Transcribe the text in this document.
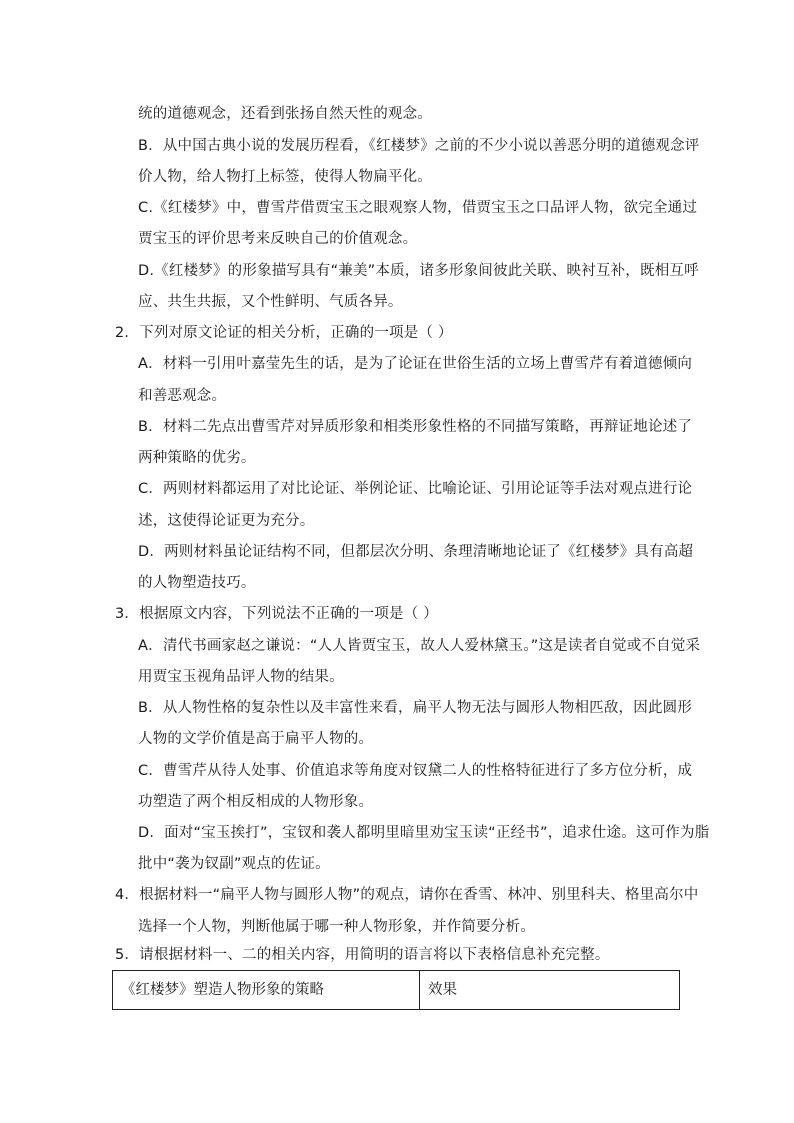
统的道德观念，还看到张扬自然天性的观念。
B．从中国古典小说的发展历程看，《红楼梦》之前的不少小说以善恶分明的道德观念评
价人物，给人物打上标签，使得人物扁平化。
C.《红楼梦》中，曹雪芹借贾宝玉之眼观察人物，借贾宝玉之口品评人物，欲完全通过
贾宝玉的评价思考来反映自己的价值观念。
D.《红楼梦》的形象描写具有“兼美”本质，诸多形象间彼此关联、映衬互补，既相互呼
应、共生共振，又个性鲜明、气质各异。
2．下列对原文论证的相关分析，正确的一项是（ ）
A．材料一引用叶嘉莹先生的话，是为了论证在世俗生活的立场上曹雪芹有着道德倾向
和善恶观念。
B．材料二先点出曹雪芹对异质形象和相类形象性格的不同描写策略，再辩证地论述了
两种策略的优劣。
C．两则材料都运用了对比论证、举例论证、比喻论证、引用论证等手法对观点进行论
述，这使得论证更为充分。
D．两则材料虽论证结构不同，但都层次分明、条理清晰地论证了《红楼梦》具有高超
的人物塑造技巧。
3．根据原文内容，下列说法不正确的一项是（ ）
A．清代书画家赵之谦说：“人人皆贾宝玉，故人人爱林黛玉。”这是读者自觉或不自觉采
用贾宝玉视角品评人物的结果。
B．从人物性格的复杂性以及丰富性来看，扁平人物无法与圆形人物相匹敌，因此圆形
人物的文学价值是高于扁平人物的。
C．曹雪芹从待人处事、价值追求等角度对钗黛二人的性格特征进行了多方位分析，成
功塑造了两个相反相成的人物形象。
D．面对“宝玉挨打”，宝钗和袭人都明里暗里劝宝玉读“正经书”，追求仕途。这可作为脂
批中“袭为钗副”观点的佐证。
4．根据材料一“扁平人物与圆形人物”的观点，请你在香雪、林冲、别里科夫、格里高尔中
选择一个人物，判断他属于哪一种人物形象，并作简要分析。
5．请根据材料一、二的相关内容，用简明的语言将以下表格信息补充完整。
《红楼梦》塑造人物形象的策略	效果
